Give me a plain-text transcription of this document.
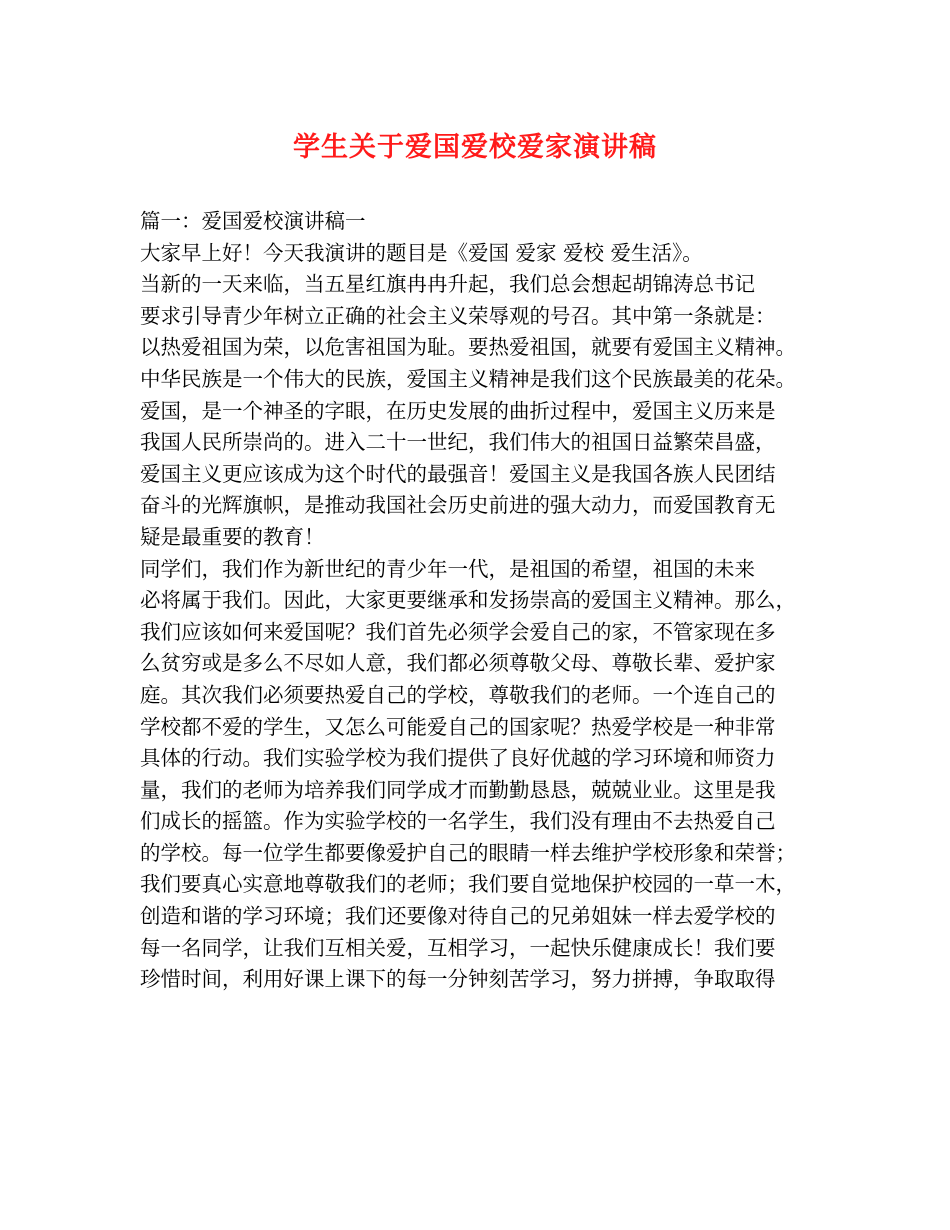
学生关于爱国爱校爱家演讲稿
篇一：爱国爱校演讲稿一
大家早上好！今天我演讲的题目是《爱国 爱家 爱校 爱生活》。
当新的一天来临，当五星红旗冉冉升起，我们总会想起胡锦涛总书记
要求引导青少年树立正确的社会主义荣辱观的号召。其中第一条就是：
以热爱祖国为荣，以危害祖国为耻。要热爱祖国，就要有爱国主义精神。
中华民族是一个伟大的民族，爱国主义精神是我们这个民族最美的花朵。
爱国，是一个神圣的字眼，在历史发展的曲折过程中，爱国主义历来是
我国人民所崇尚的。进入二十一世纪，我们伟大的祖国日益繁荣昌盛，
爱国主义更应该成为这个时代的最强音！爱国主义是我国各族人民团结
奋斗的光辉旗帜，是推动我国社会历史前进的强大动力，而爱国教育无
疑是最重要的教育！
同学们，我们作为新世纪的青少年一代，是祖国的希望，祖国的未来
必将属于我们。因此，大家更要继承和发扬崇高的爱国主义精神。那么，
我们应该如何来爱国呢？我们首先必须学会爱自己的家，不管家现在多
么贫穷或是多么不尽如人意，我们都必须尊敬父母、尊敬长辈、爱护家
庭。其次我们必须要热爱自己的学校，尊敬我们的老师。一个连自己的
学校都不爱的学生，又怎么可能爱自己的国家呢？热爱学校是一种非常
具体的行动。我们实验学校为我们提供了良好优越的学习环境和师资力
量，我们的老师为培养我们同学成才而勤勤恳恳，兢兢业业。这里是我
们成长的摇篮。作为实验学校的一名学生，我们没有理由不去热爱自己
的学校。每一位学生都要像爱护自己的眼睛一样去维护学校形象和荣誉；
我们要真心实意地尊敬我们的老师；我们要自觉地保护校园的一草一木，
创造和谐的学习环境；我们还要像对待自己的兄弟姐妹一样去爱学校的
每一名同学，让我们互相关爱，互相学习，一起快乐健康成长！我们要
珍惜时间，利用好课上课下的每一分钟刻苦学习，努力拼搏，争取取得
